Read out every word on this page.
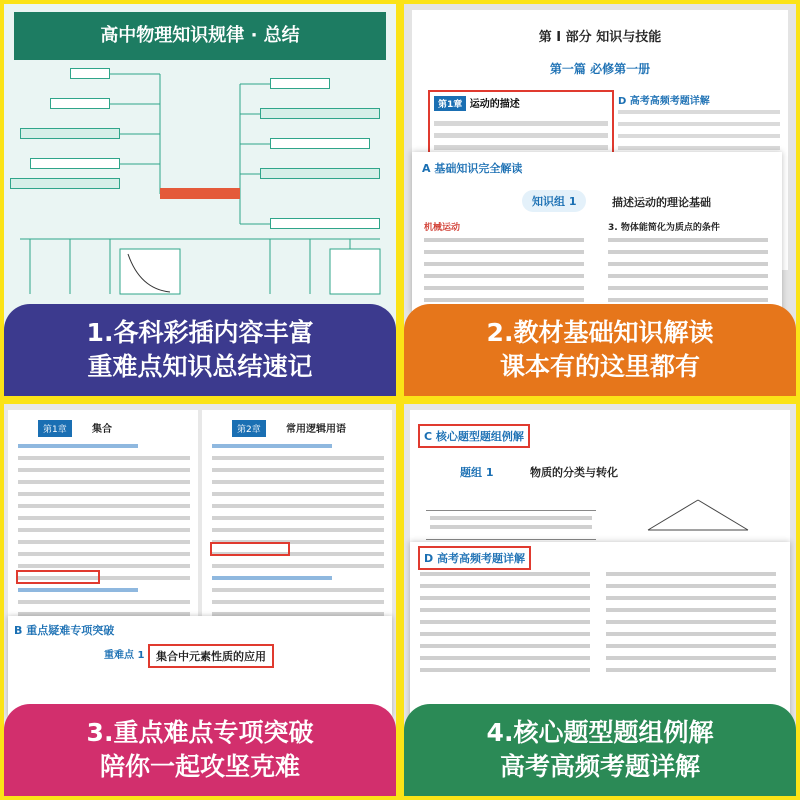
高中物理知识规律 · 总结
1.各科彩插内容丰富
重难点知识总结速记
第 I 部分 知识与技能
第一篇 必修第一册
第1章 运动的描述	D 高考高频考题详解
A 基础知识完全解读
知识组 1	描述运动的理论基础
机械运动	3. 物体能简化为质点的条件
2.教材基础知识解读
课本有的这里都有
第1章	集合	第2章	常用逻辑用语
B 重点疑难专项突破
重难点 1	集合中元素性质的应用
3.重点难点专项突破
陪你一起攻坚克难
C 核心题型题组例解
题组 1	物质的分类与转化
D 高考高频考题详解
4.核心题型题组例解
高考高频考题详解
